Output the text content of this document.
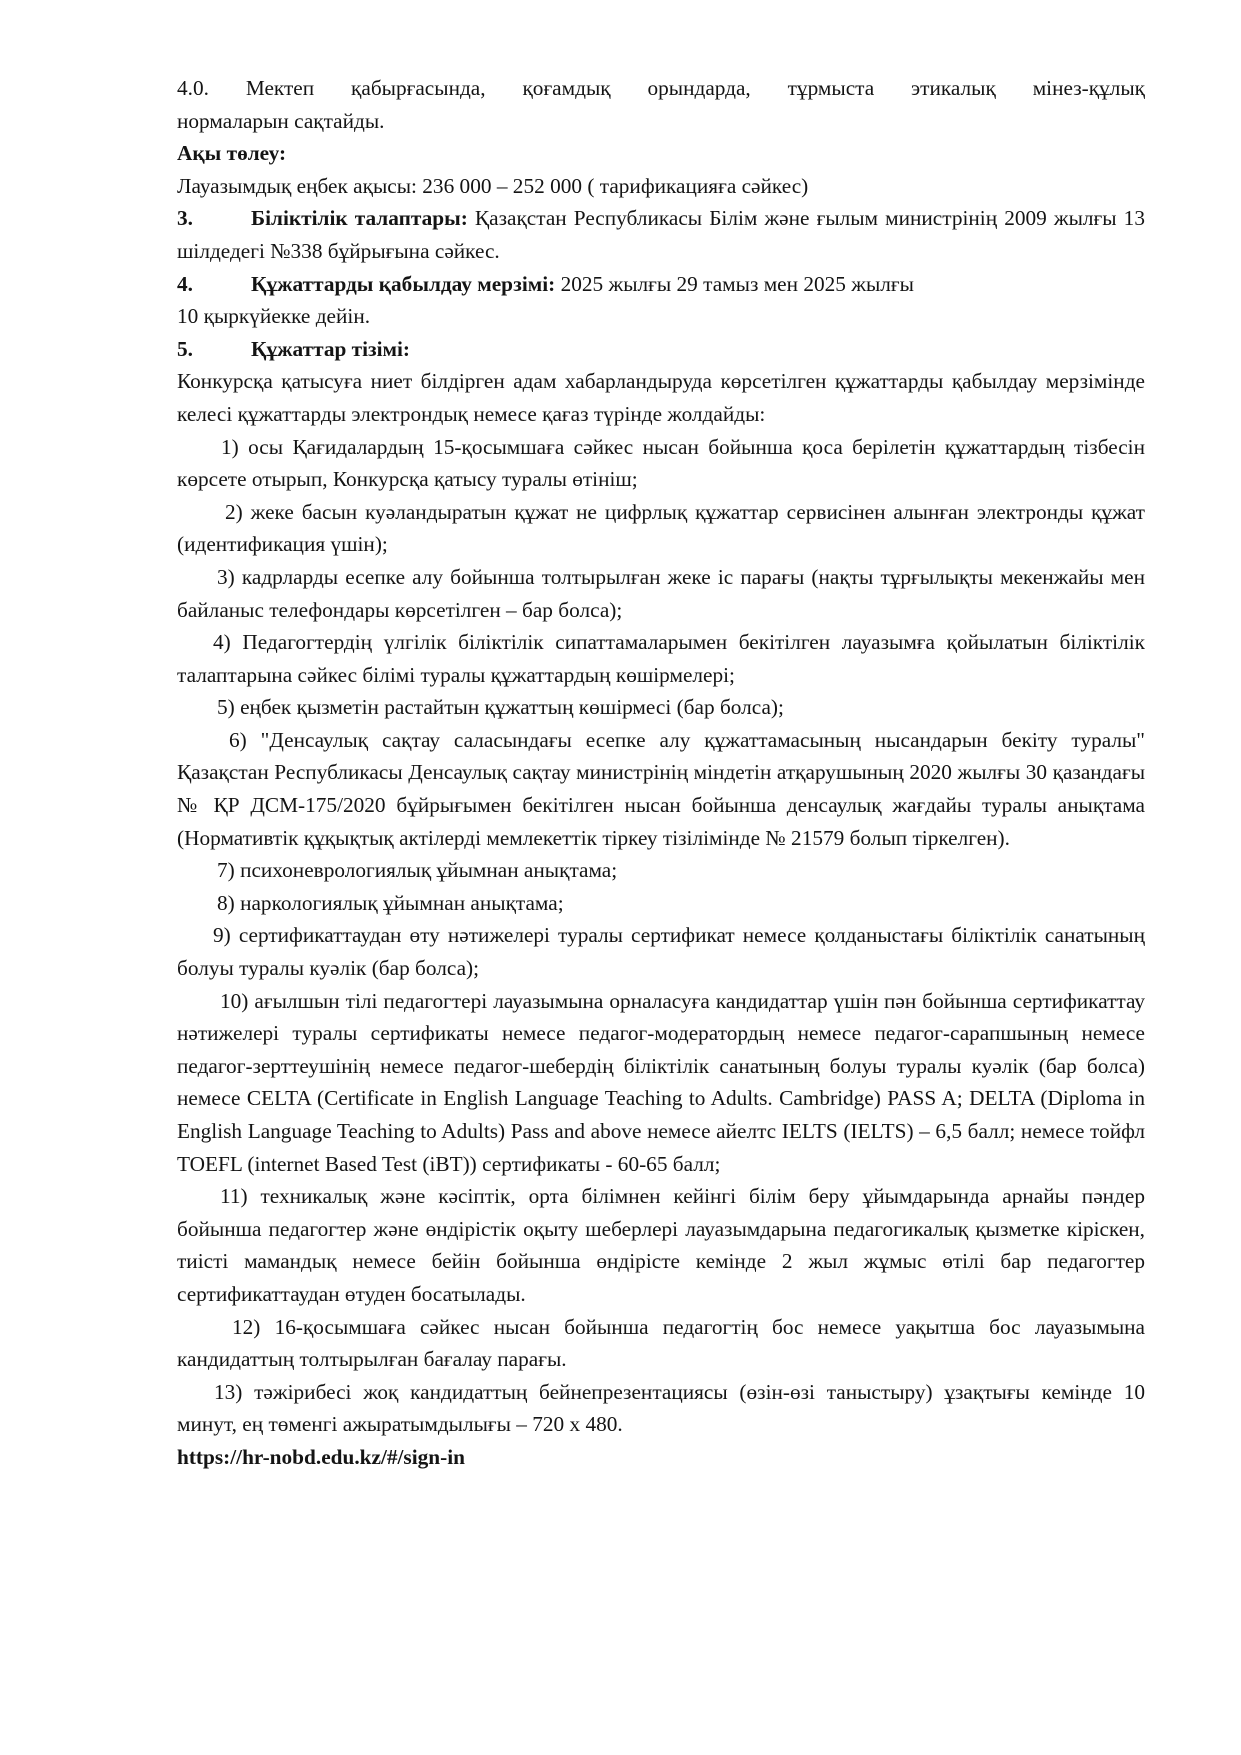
4.0. Мектеп қабырғасында, қоғамдық орындарда, тұрмыста этикалық мінез-құлық

нормаларын сақтайды.

Ақы төлеу:

Лауазымдық еңбек ақысы: 236 000 – 252 000 ( тарификацияға сәйкес)

3.	Біліктілік талаптары: Қазақстан Республикасы Білім және ғылым министрінің 2009 жылғы 13 шілдедегі №338 бұйрығына сәйкес.

4.	Құжаттарды қабылдау мерзімі: 2025 жылғы 29 тамыз мен 2025 жылғы

10 қыркүйекке дейін.

5.	Құжаттар тізімі:

Конкурсқа қатысуға ниет білдірген адам хабарландыруда көрсетілген құжаттарды қабылдау мерзімінде келесі құжаттарды электрондық немесе қағаз түрінде жолдайды:

1) осы Қағидалардың 15-қосымшаға сәйкес нысан бойынша қоса берілетін құжаттардың тізбесін көрсете отырып, Конкурсқа қатысу туралы өтініш;

2) жеке басын куәландыратын құжат не цифрлық құжаттар сервисінен алынған электронды құжат (идентификация үшін);

3) кадрларды есепке алу бойынша толтырылған жеке іс парағы (нақты тұрғылықты мекенжайы мен байланыс телефондары көрсетілген – бар болса);

4) Педагогтердің үлгілік біліктілік сипаттамаларымен бекітілген лауазымға қойылатын біліктілік талаптарына сәйкес білімі туралы құжаттардың көшірмелері;

5) еңбек қызметін растайтын құжаттың көшірмесі (бар болса);

6) "Денсаулық сақтау саласындағы есепке алу құжаттамасының нысандарын бекіту туралы" Қазақстан Республикасы Денсаулық сақтау министрінің міндетін атқарушының 2020 жылғы 30 қазандағы № ҚР ДСМ-175/2020 бұйрығымен бекітілген нысан бойынша денсаулық жағдайы туралы анықтама (Нормативтік құқықтық актілерді мемлекеттік тіркеу тізілімінде № 21579 болып тіркелген).

7) психоневрологиялық ұйымнан анықтама;

8) наркологиялық ұйымнан анықтама;

9) сертификаттаудан өту нәтижелері туралы сертификат немесе қолданыстағы біліктілік санатының болуы туралы куәлік (бар болса);

10) ағылшын тілі педагогтері лауазымына орналасуға кандидаттар үшін пән бойынша сертификаттау нәтижелері туралы сертификаты немесе педагог-модератордың немесе педагог-сарапшының немесе педагог-зерттеушінің немесе педагог-шебердің біліктілік санатының болуы туралы куәлік (бар болса) немесе CELTA (Certificate in English Language Teaching to Adults. Cambridge) PASS A; DELTA (Diploma in English Language Teaching to Adults) Pass and above немесе айелтс IELTS (IELTS) – 6,5 балл; немесе тойфл TOEFL (internet Based Test (iBT)) сертификаты - 60-65 балл;

11) техникалық және кәсіптік, орта білімнен кейінгі білім беру ұйымдарында арнайы пәндер бойынша педагогтер және өндірістік оқыту шеберлері лауазымдарына педагогикалық қызметке кіріскен, тиісті мамандық немесе бейін бойынша өндірісте кемінде 2 жыл жұмыс өтілі бар педагогтер сертификаттаудан өтуден босатылады.

12) 16-қосымшаға сәйкес нысан бойынша педагогтің бос немесе уақытша бос лауазымына кандидаттың толтырылған бағалау парағы.

13) тәжірибесі жоқ кандидаттың бейнепрезентациясы (өзін-өзі таныстыру) ұзақтығы кемінде 10 минут, ең төменгі ажыратымдылығы – 720 х 480.

https://hr-nobd.edu.kz/#/sign-in
